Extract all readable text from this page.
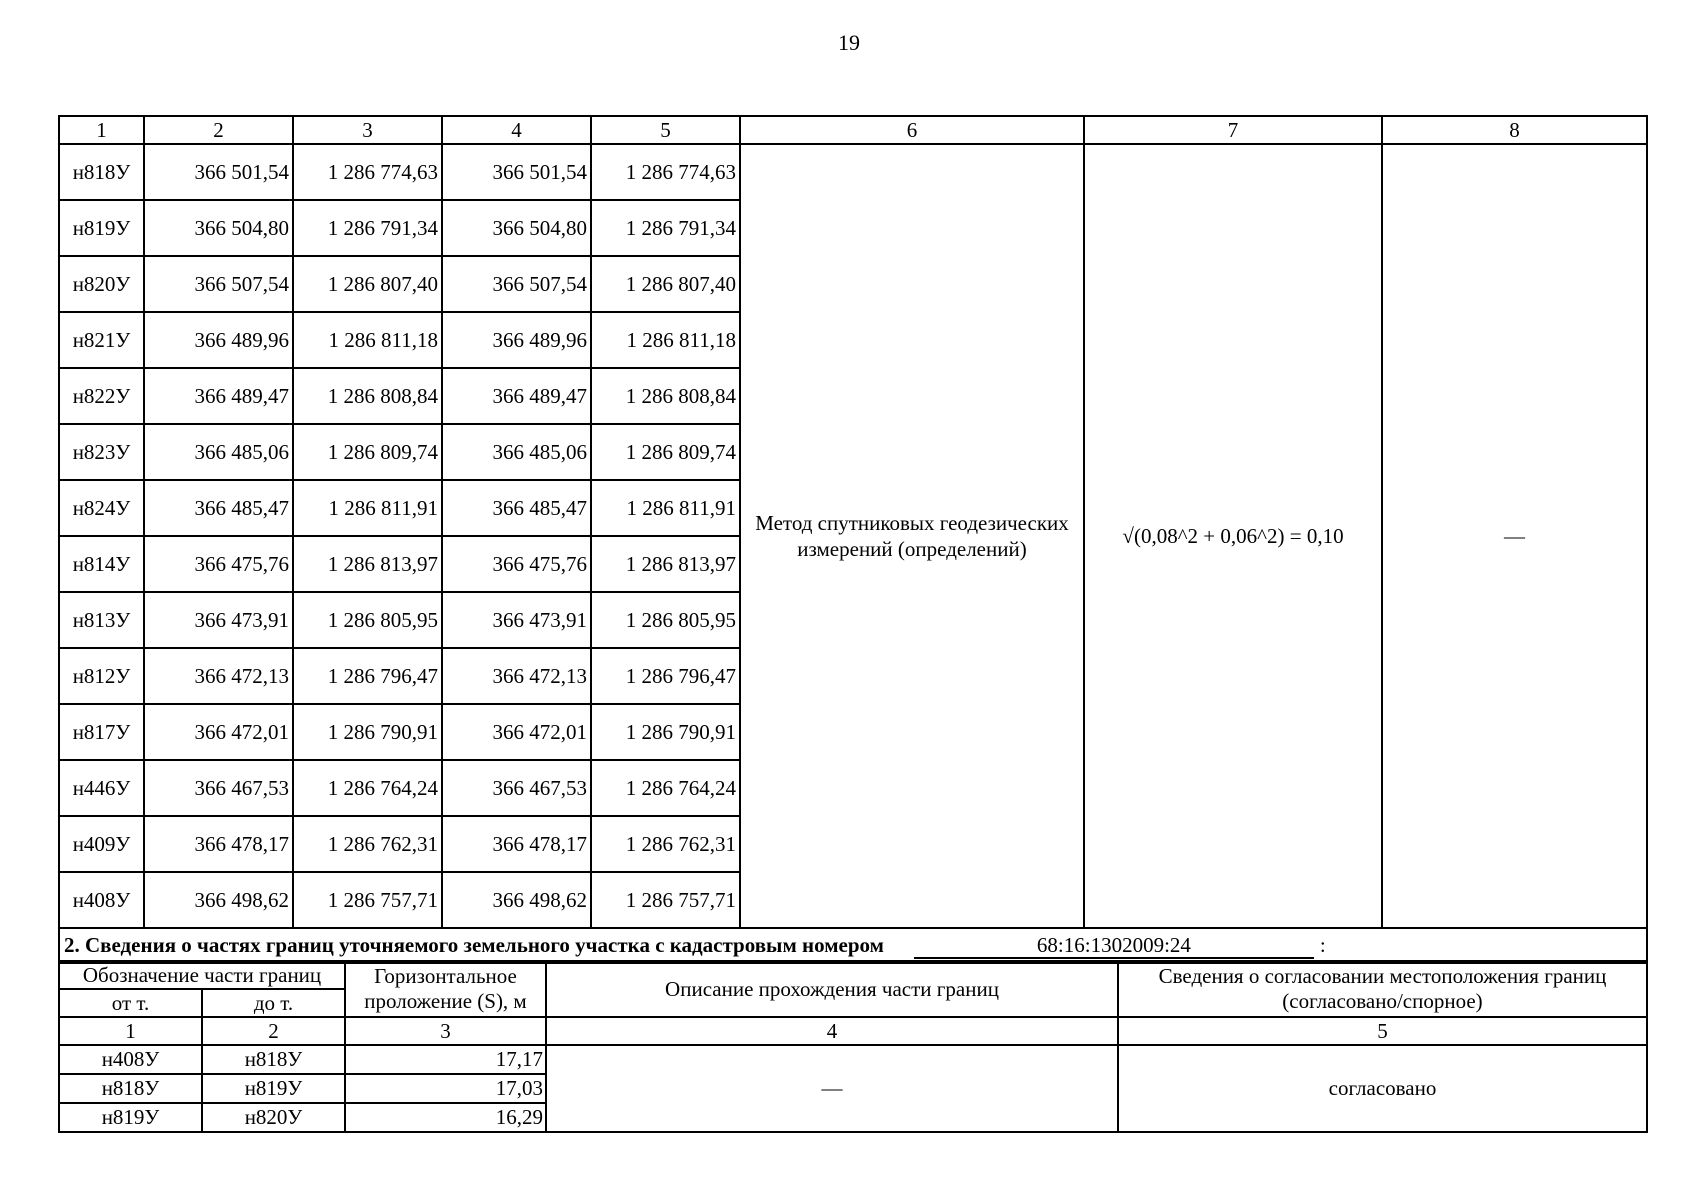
19
1	2	3	4	5	6	7	8
н818У	366 501,54	1 286 774,63	366 501,54	1 286 774,63	Метод спутниковых геодезических измерений (определений)	√(0,08^2 + 0,06^2) = 0,10	—
н819У	366 504,80	1 286 791,34	366 504,80	1 286 791,34			
н820У	366 507,54	1 286 807,40	366 507,54	1 286 807,40			
н821У	366 489,96	1 286 811,18	366 489,96	1 286 811,18			
н822У	366 489,47	1 286 808,84	366 489,47	1 286 808,84			
н823У	366 485,06	1 286 809,74	366 485,06	1 286 809,74			
н824У	366 485,47	1 286 811,91	366 485,47	1 286 811,91			
н814У	366 475,76	1 286 813,97	366 475,76	1 286 813,97			
н813У	366 473,91	1 286 805,95	366 473,91	1 286 805,95			
н812У	366 472,13	1 286 796,47	366 472,13	1 286 796,47			
н817У	366 472,01	1 286 790,91	366 472,01	1 286 790,91			
н446У	366 467,53	1 286 764,24	366 467,53	1 286 764,24			
н409У	366 478,17	1 286 762,31	366 478,17	1 286 762,31			
н408У	366 498,62	1 286 757,71	366 498,62	1 286 757,71			
2. Сведения о частях границ уточняемого земельного участка с кадастровым номером 68:16:1302009:24 :							
Обозначение части границ		Горизонтальное проложение (S), м	Описание прохождения части границ	Сведения о согласовании местоположения границ (согласовано/спорное)
от т.	до т.			
1	2	3	4	5
н408У	н818У	17,17	—	согласовано
н818У	н819У	17,03		
н819У	н820У	16,29		
